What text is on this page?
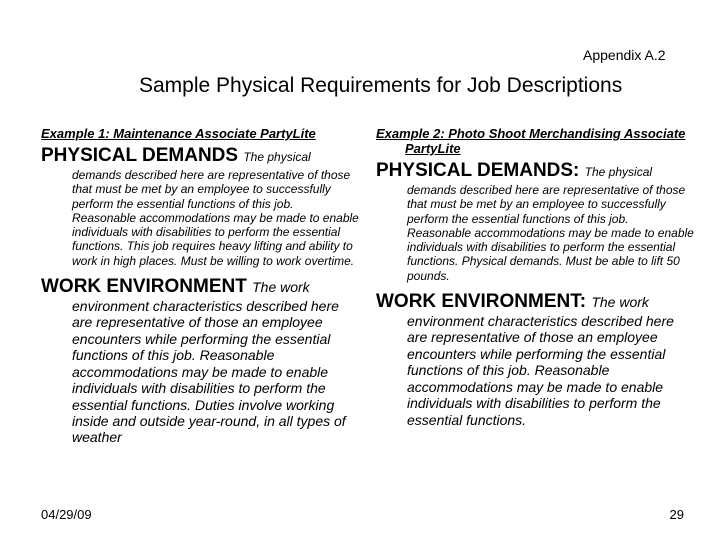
Appendix A.2
Sample Physical Requirements for Job Descriptions
Example 1: Maintenance Associate PartyLite
PHYSICAL DEMANDS The physical
demands described here are representative of those that must be met by an employee to successfully perform the essential functions of this job. Reasonable accommodations may be made to enable individuals with disabilities to perform the essential functions. This job requires heavy lifting and ability to work in high places. Must be willing to work overtime.
WORK ENVIRONMENT The work
environment characteristics described here are representative of those an employee encounters while performing the essential functions of this job. Reasonable accommodations may be made to enable individuals with disabilities to perform the essential functions. Duties involve working inside and outside year-round, in all types of weather
Example 2: Photo Shoot Merchandising Associate PartyLite
PHYSICAL DEMANDS: The physical
demands described here are representative of those that must be met by an employee to successfully perform the essential functions of this job. Reasonable accommodations may be made to enable individuals with disabilities to perform the essential functions. Physical demands. Must be able to lift 50 pounds.
WORK ENVIRONMENT: The work
environment characteristics described here are representative of those an employee encounters while performing the essential functions of this job. Reasonable accommodations may be made to enable individuals with disabilities to perform the essential functions.
04/29/09	29
